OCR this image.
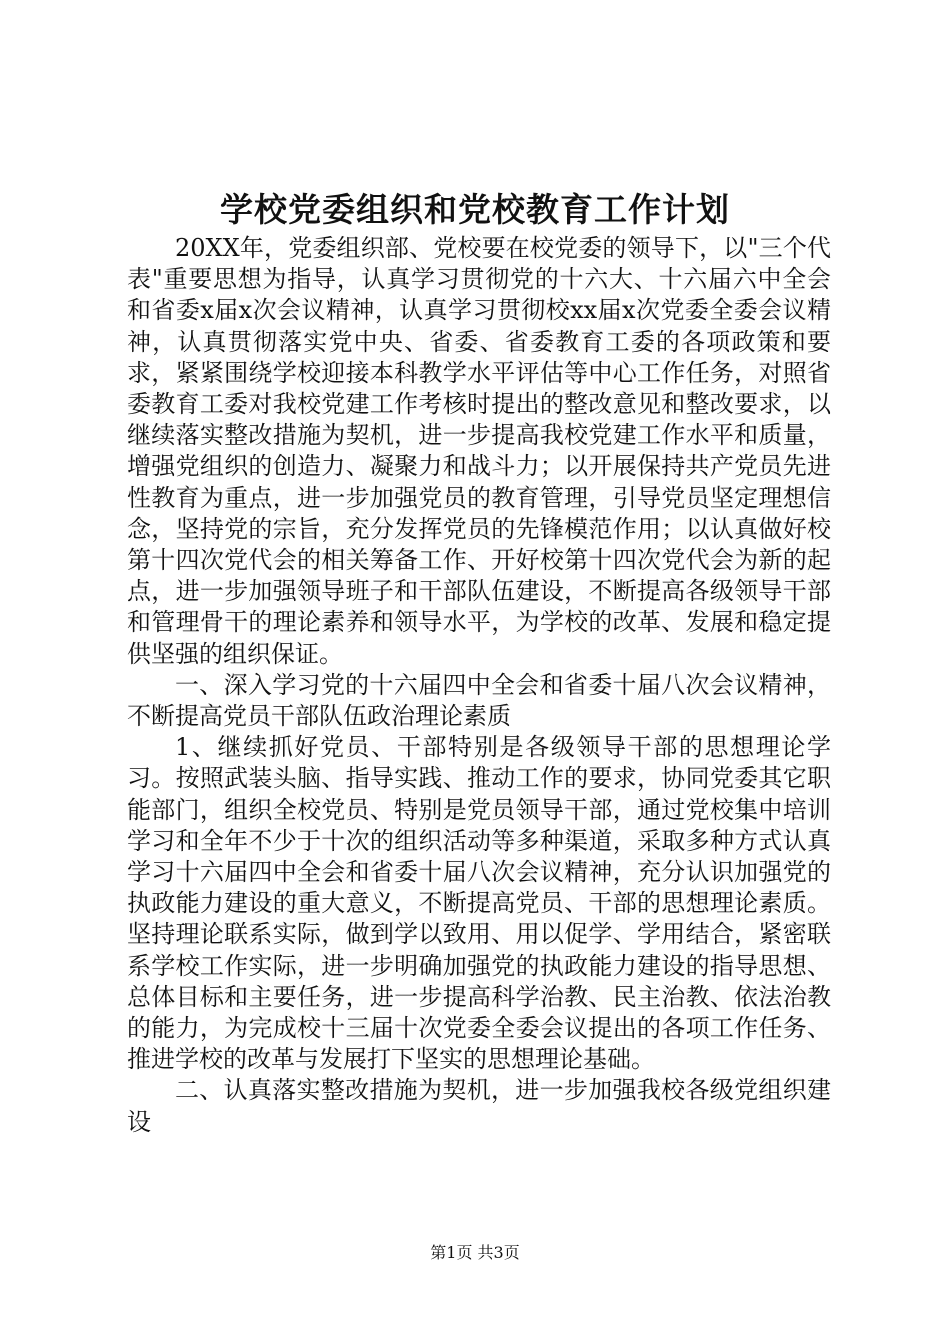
学校党委组织和党校教育工作计划

20XX年，党委组织部、党校要在校党委的领导下，以"三个代表"重要思想为指导，认真学习贯彻党的十六大、十六届六中全会和省委x届x次会议精神，认真学习贯彻校xx届x次党委全委会议精神，认真贯彻落实党中央、省委、省委教育工委的各项政策和要求，紧紧围绕学校迎接本科教学水平评估等中心工作任务，对照省委教育工委对我校党建工作考核时提出的整改意见和整改要求，以继续落实整改措施为契机，进一步提高我校党建工作水平和质量，增强党组织的创造力、凝聚力和战斗力；以开展保持共产党员先进性教育为重点，进一步加强党员的教育管理，引导党员坚定理想信念，坚持党的宗旨，充分发挥党员的先锋模范作用；以认真做好校第十四次党代会的相关筹备工作、开好校第十四次党代会为新的起点，进一步加强领导班子和干部队伍建设，不断提高各级领导干部和管理骨干的理论素养和领导水平，为学校的改革、发展和稳定提供坚强的组织保证。

一、深入学习党的十六届四中全会和省委十届八次会议精神，不断提高党员干部队伍政治理论素质

1、继续抓好党员、干部特别是各级领导干部的思想理论学习。按照武装头脑、指导实践、推动工作的要求，协同党委其它职能部门，组织全校党员、特别是党员领导干部，通过党校集中培训学习和全年不少于十次的组织活动等多种渠道，采取多种方式认真学习十六届四中全会和省委十届八次会议精神，充分认识加强党的执政能力建设的重大意义，不断提高党员、干部的思想理论素质。坚持理论联系实际，做到学以致用、用以促学、学用结合，紧密联系学校工作实际，进一步明确加强党的执政能力建设的指导思想、总体目标和主要任务，进一步提高科学治教、民主治教、依法治教的能力，为完成校十三届十次党委全委会议提出的各项工作任务、推进学校的改革与发展打下坚实的思想理论基础。

二、认真落实整改措施为契机，进一步加强我校各级党组织建设

第1页 共3页
